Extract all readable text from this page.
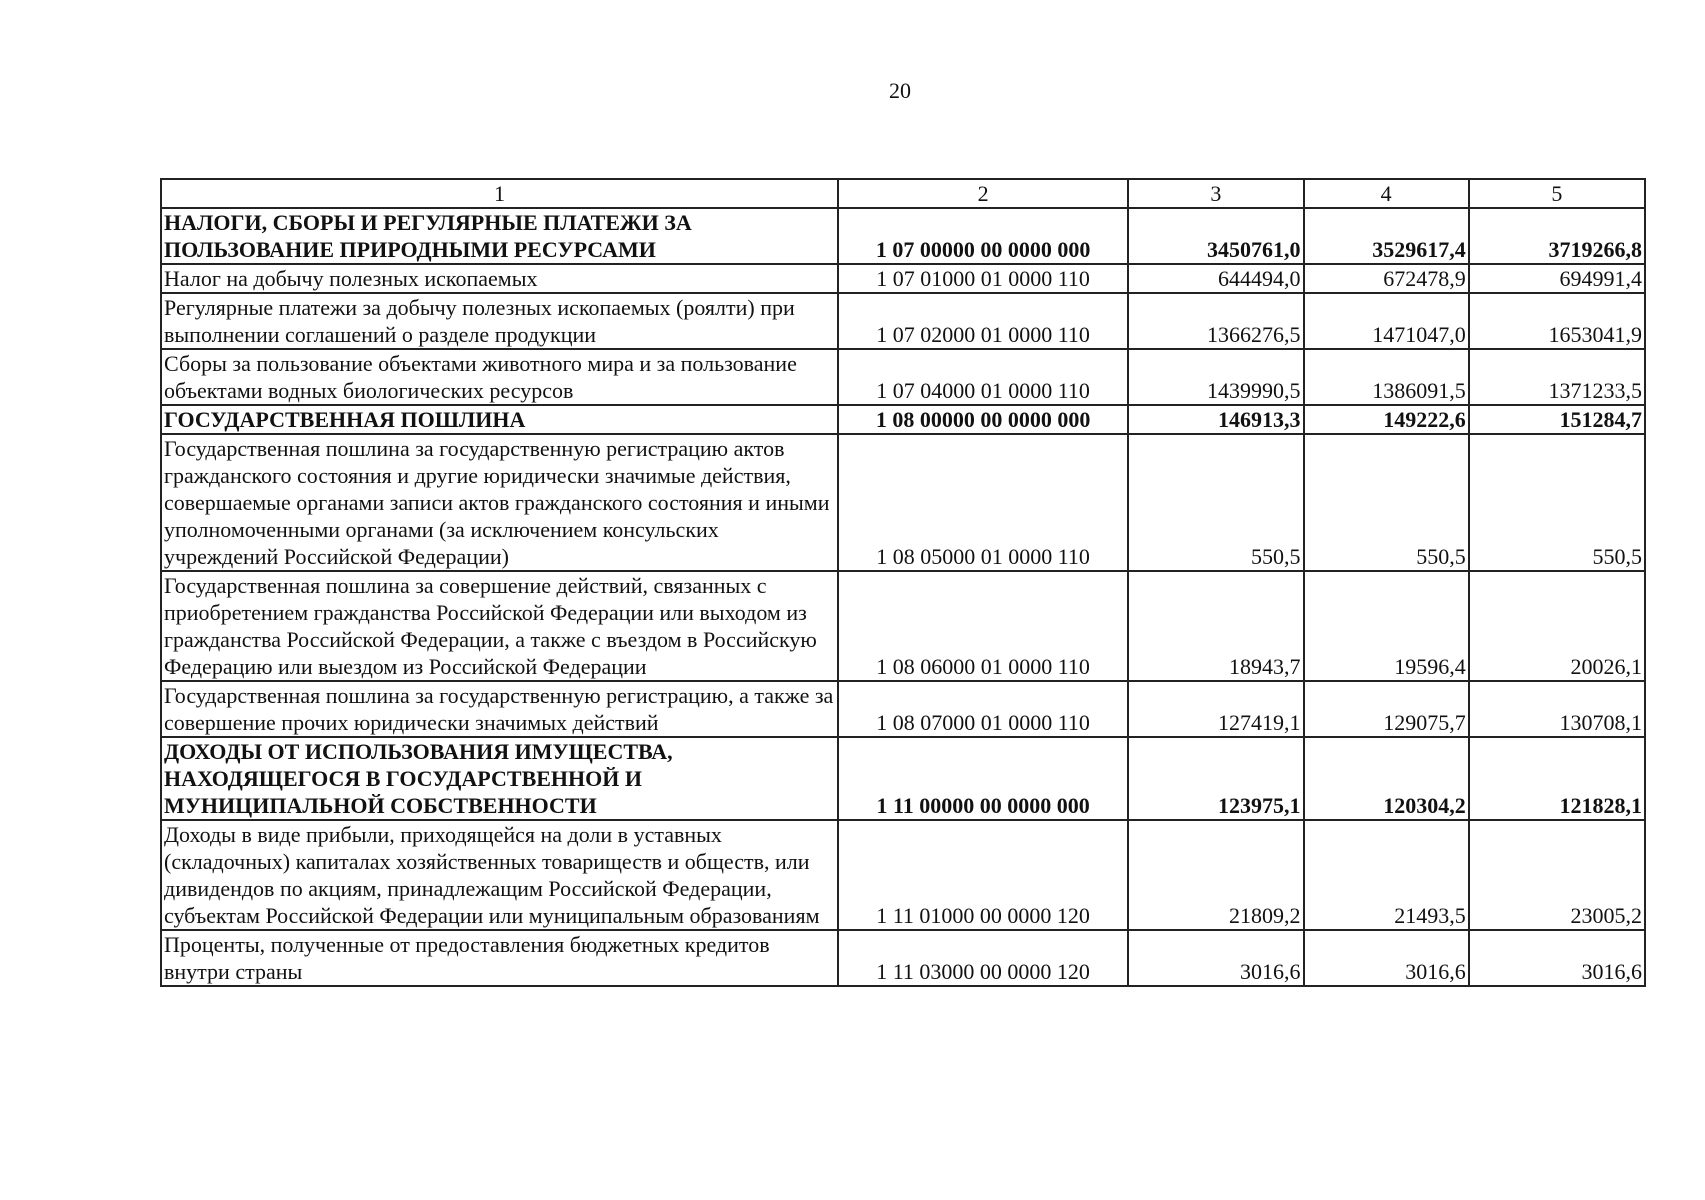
20
1	2	3	4	5
НАЛОГИ, СБОРЫ И РЕГУЛЯРНЫЕ ПЛАТЕЖИ ЗА ПОЛЬЗОВАНИЕ ПРИРОДНЫМИ РЕСУРСАМИ	1 07 00000 00 0000 000	3450761,0	3529617,4	3719266,8
Налог на добычу полезных ископаемых	1 07 01000 01 0000 110	644494,0	672478,9	694991,4
Регулярные платежи за добычу полезных ископаемых (роялти) при выполнении соглашений о разделе продукции	1 07 02000 01 0000 110	1366276,5	1471047,0	1653041,9
Сборы за пользование объектами животного мира и за пользование объектами водных биологических ресурсов	1 07 04000 01 0000 110	1439990,5	1386091,5	1371233,5
ГОСУДАРСТВЕННАЯ ПОШЛИНА	1 08 00000 00 0000 000	146913,3	149222,6	151284,7
Государственная пошлина за государственную регистрацию актов гражданского состояния и другие юридически значимые действия, совершаемые органами записи актов гражданского состояния и иными уполномоченными органами (за исключением консульских учреждений Российской Федерации)	1 08 05000 01 0000 110	550,5	550,5	550,5
Государственная пошлина за совершение действий, связанных с приобретением гражданства Российской Федерации или выходом из гражданства Российской Федерации, а также с въездом в Российскую Федерацию или выездом из Российской Федерации	1 08 06000 01 0000 110	18943,7	19596,4	20026,1
Государственная пошлина за государственную регистрацию, а также за совершение прочих юридически значимых действий	1 08 07000 01 0000 110	127419,1	129075,7	130708,1
ДОХОДЫ ОТ ИСПОЛЬЗОВАНИЯ ИМУЩЕСТВА, НАХОДЯЩЕГОСЯ В ГОСУДАРСТВЕННОЙ И МУНИЦИПАЛЬНОЙ СОБСТВЕННОСТИ	1 11 00000 00 0000 000	123975,1	120304,2	121828,1
Доходы в виде прибыли, приходящейся на доли в уставных (складочных) капиталах хозяйственных товариществ и обществ, или дивидендов по акциям, принадлежащим Российской Федерации, субъектам Российской Федерации или муниципальным образованиям	1 11 01000 00 0000 120	21809,2	21493,5	23005,2
Проценты, полученные от предоставления бюджетных кредитов внутри страны	1 11 03000 00 0000 120	3016,6	3016,6	3016,6
